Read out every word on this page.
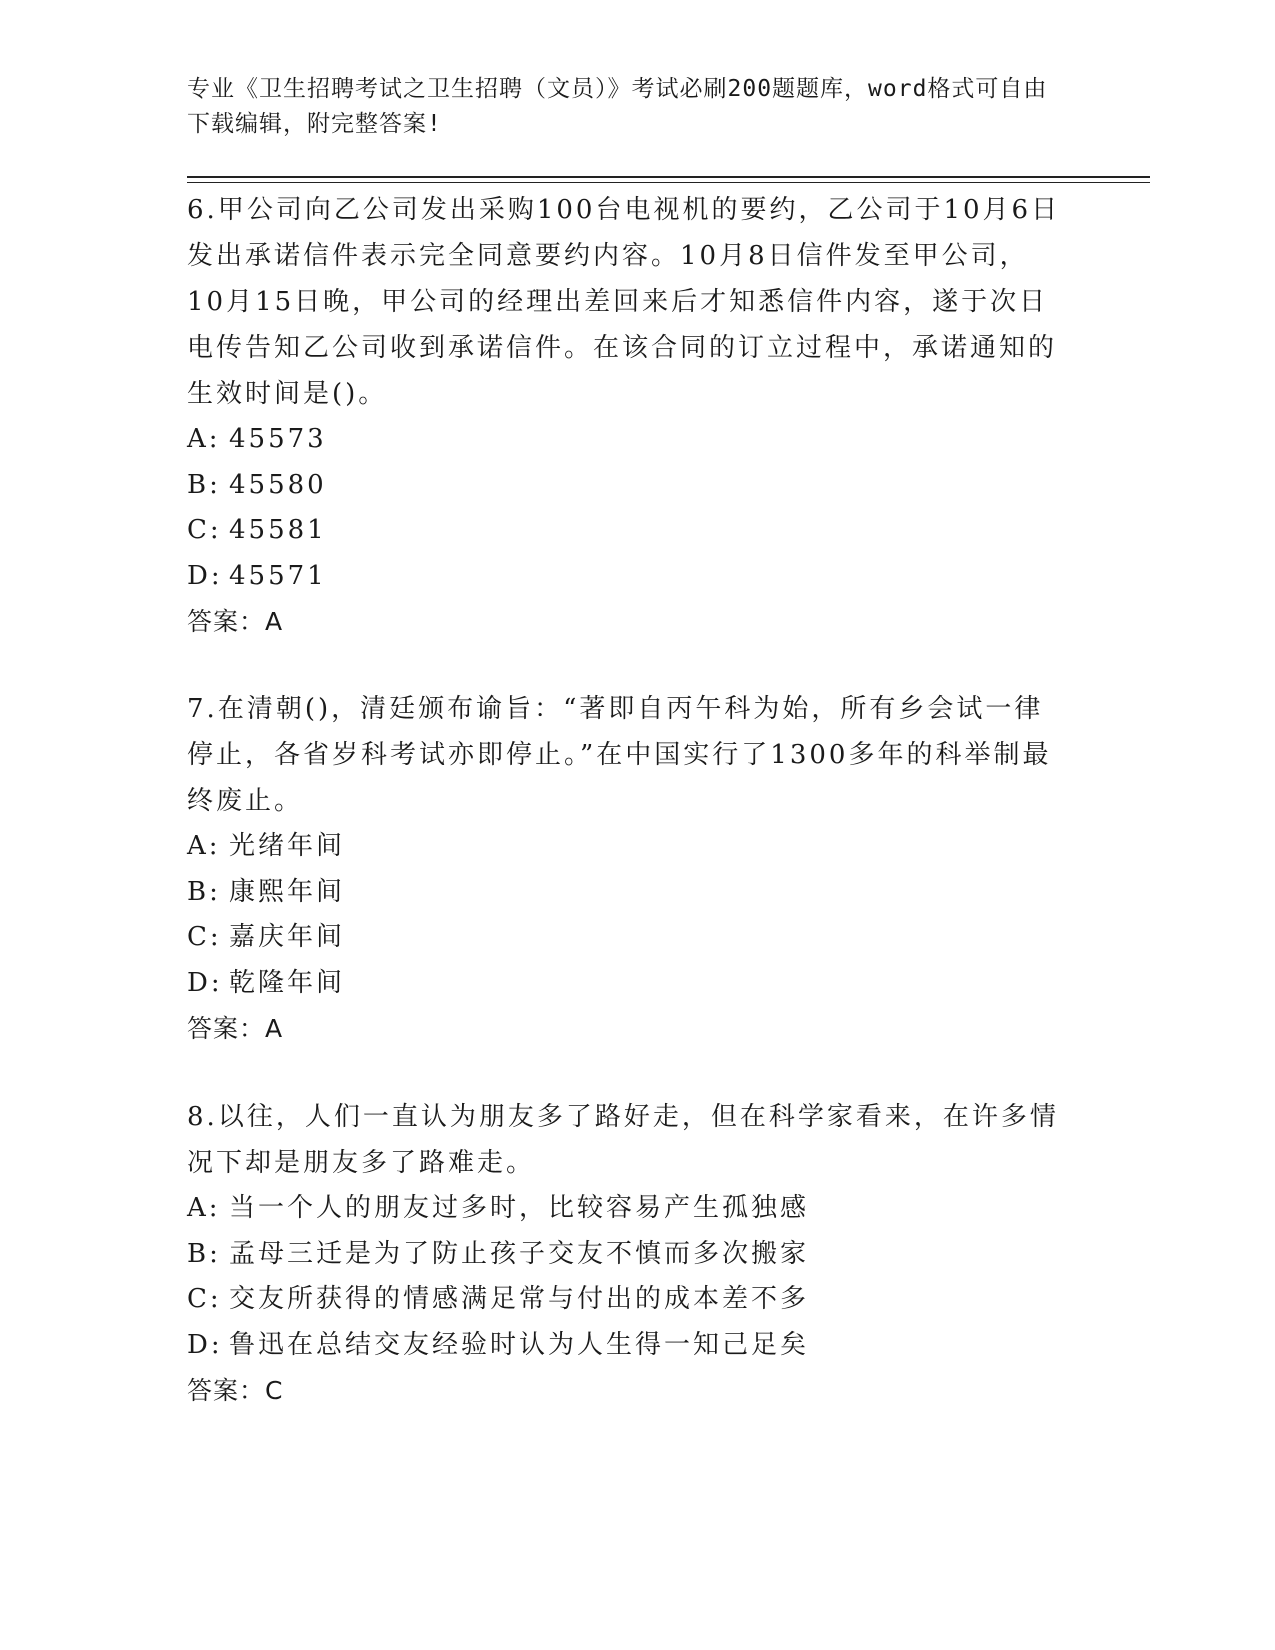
专业《卫生招聘考试之卫生招聘（文员）》考试必刷200题题库，word格式可自由下载编辑，附完整答案!
6.甲公司向乙公司发出采购100台电视机的要约，乙公司于10月6日发出承诺信件表示完全同意要约内容。10月8日信件发至甲公司，10月15日晚，甲公司的经理出差回来后才知悉信件内容，遂于次日电传告知乙公司收到承诺信件。在该合同的订立过程中，承诺通知的生效时间是()。
A: 45573
B: 45580
C: 45581
D: 45571
答案：A
7.在清朝()，清廷颁布谕旨：“著即自丙午科为始，所有乡会试一律停止，各省岁科考试亦即停止。”在中国实行了1300多年的科举制最终废止。
A: 光绪年间
B: 康熙年间
C: 嘉庆年间
D: 乾隆年间
答案：A
8.以往，人们一直认为朋友多了路好走，但在科学家看来，在许多情况下却是朋友多了路难走。
A: 当一个人的朋友过多时，比较容易产生孤独感
B: 孟母三迁是为了防止孩子交友不慎而多次搬家
C: 交友所获得的情感满足常与付出的成本差不多
D: 鲁迅在总结交友经验时认为人生得一知己足矣
答案：C
